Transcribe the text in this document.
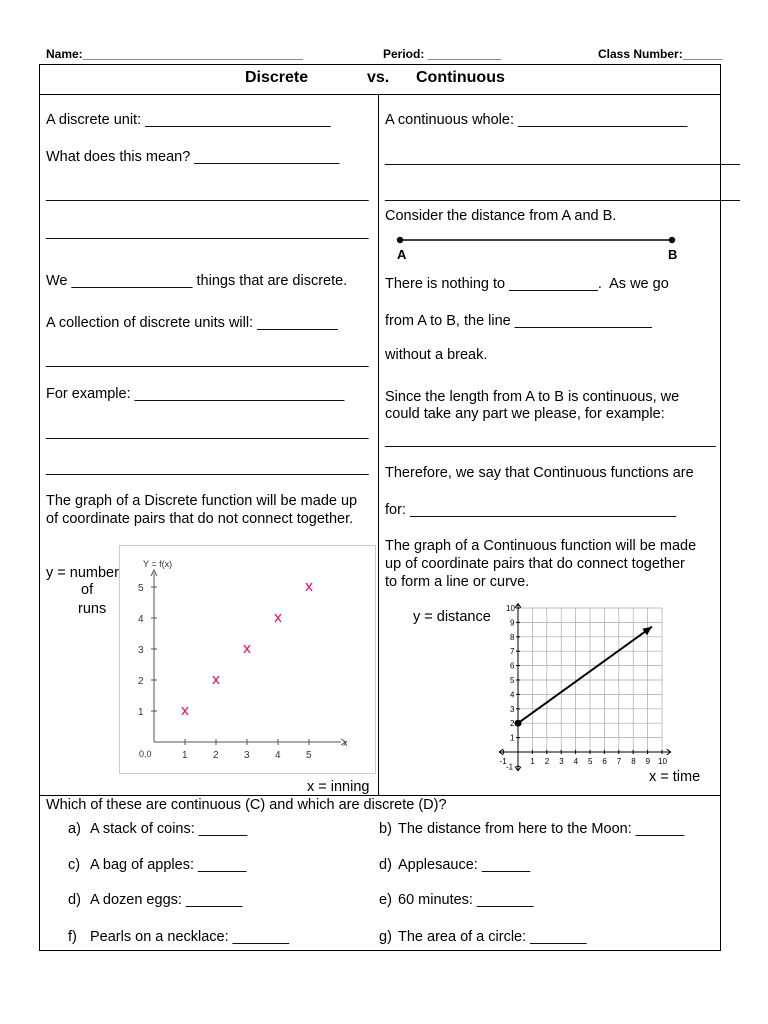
Name:_________________________________	Period: ___________	Class Number:______
Discrete	vs. Continuous
A discrete unit: _______________________
What does this mean? __________________
________________________________________
________________________________________
We _______________ things that are discrete.
A collection of discrete units will: __________
________________________________________
For example: __________________________
________________________________________
________________________________________
The graph of a Discrete function will be made up
of coordinate pairs that do not connect together.
y = number
of
runs
x = inning
Y = f(x)
x
0,0	1	2	3	4	5
1
2
3
4
5
A continuous whole: _____________________
____________________________________________
____________________________________________
Consider the distance from A and B.
A	B
There is nothing to ___________.  As we go
from A to B, the line _________________
without a break.
Since the length from A to B is continuous, we
could take any part we please, for example:
_________________________________________
Therefore, we say that Continuous functions are
for: _________________________________
The graph of a Continuous function will be made
up of coordinate pairs that do connect together
to form a line or curve.
y = distance
x = time
-1	1 2 3 4 5 6 7 8 9 10
-1
1
2
3
4
5
6
7
8
9
10
Which of these are continuous (C) and which are discrete (D)?
a) A stack of coins: ______	b) The distance from here to the Moon: ______
c) A bag of apples: ______	d) Applesauce: ______
d) A dozen eggs: _______	e) 60 minutes: _______
f) Pearls on a necklace: _______	g) The area of a circle: _______
